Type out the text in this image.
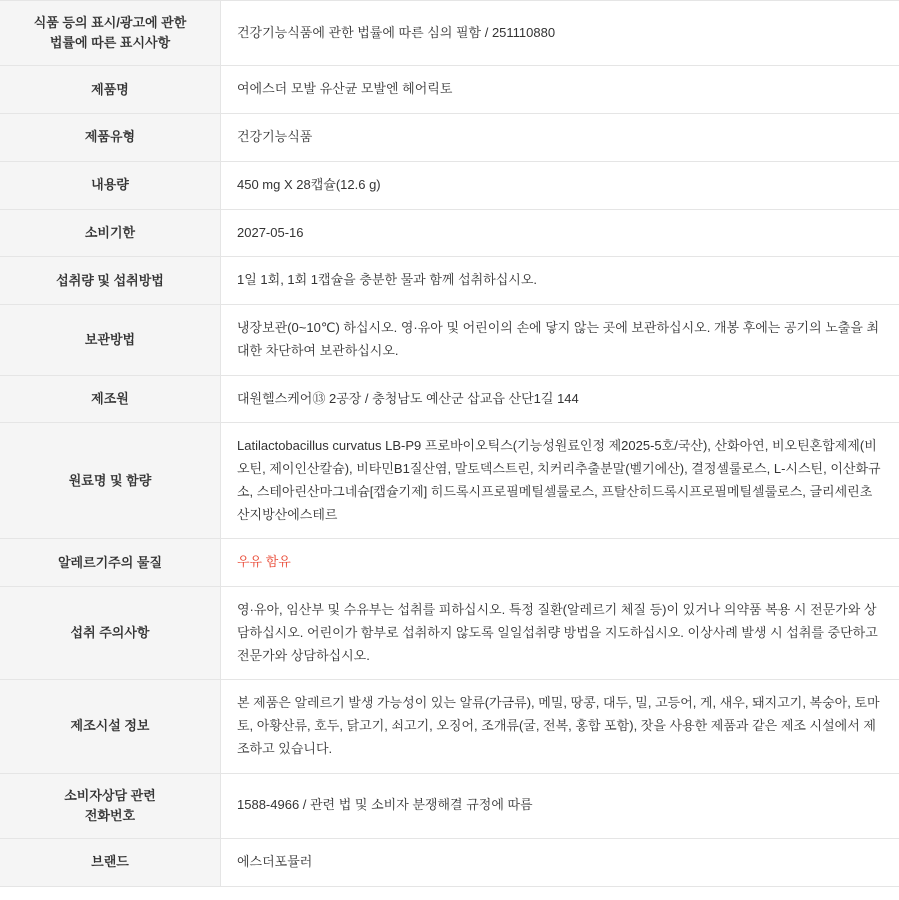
식품 등의 표시/광고에 관한
법률에 따른 표시사항	건강기능식품에 관한 법률에 따른 심의 필함 / 251110880

제품명	여에스더 모발 유산균 모발엔 헤어릭토

제품유형	건강기능식품

내용량	450 mg X 28캡슐(12.6 g)

소비기한	2027-05-16

섭취량 및 섭취방법	1일 1회, 1회 1캡슐을 충분한 물과 함께 섭취하십시오.

보관방법	냉장보관(0~10℃) 하십시오. 영·유아 및 어린이의 손에 닿지 않는 곳에 보관하십시오. 개봉 후에는 공기의 노출을 최대한 차단하여 보관하십시오.

제조원	대원헬스케어⑬ 2공장 / 충청남도 예산군 삽교읍 산단1길 144

원료명 및 함량	Latilactobacillus curvatus LB-P9 프로바이오틱스(기능성원료인정 제2025-5호/국산), 산화아연, 비오틴혼합제제(비오틴, 제이인산칼슘), 비타민B1질산염, 말토덱스트린, 치커리추출분말(벨기에산), 결정셀룰로스, L-시스틴, 이산화규소, 스테아린산마그네슘[캡슐기제] 히드록시프로필메틸셀룰로스, 프탈산히드록시프로필메틸셀룰로스, 글리세린초산지방산에스테르

알레르기주의 물질	우유 함유

섭취 주의사항	영·유아, 임산부 및 수유부는 섭취를 피하십시오. 특정 질환(알레르기 체질 등)이 있거나 의약품 복용 시 전문가와 상담하십시오. 어린이가 함부로 섭취하지 않도록 일일섭취량 방법을 지도하십시오. 이상사례 발생 시 섭취를 중단하고 전문가와 상담하십시오.

제조시설 정보	본 제품은 알레르기 발생 가능성이 있는 알류(가금류), 메밀, 땅콩, 대두, 밀, 고등어, 게, 새우, 돼지고기, 복숭아, 토마토, 아황산류, 호두, 닭고기, 쇠고기, 오징어, 조개류(굴, 전복, 홍합 포함), 잣을 사용한 제품과 같은 제조 시설에서 제조하고 있습니다.

소비자상담 관련
전화번호	1588-4966 / 관련 법 및 소비자 분쟁해결 규정에 따름

브랜드	에스더포뮬러
